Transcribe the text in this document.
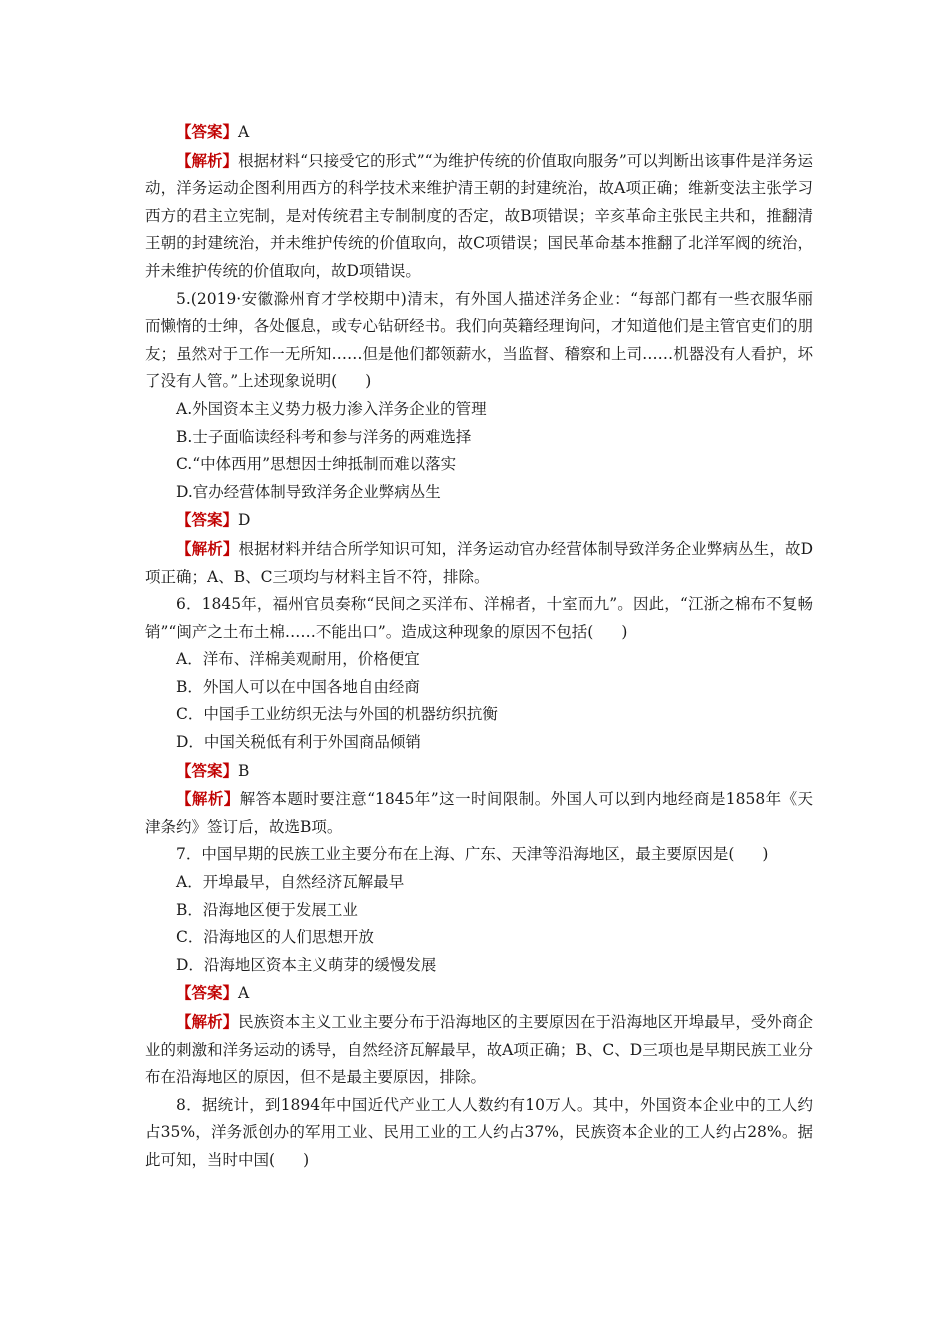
【答案】A

【解析】根据材料“只接受它的形式”“为维护传统的价值取向服务”可以判断出该事件是洋务运动，洋务运动企图利用西方的科学技术来维护清王朝的封建统治，故A项正确；维新变法主张学习西方的君主立宪制，是对传统君主专制制度的否定，故B项错误；辛亥革命主张民主共和，推翻清王朝的封建统治，并未维护传统的价值取向，故C项错误；国民革命基本推翻了北洋军阀的统治，并未维护传统的价值取向，故D项错误。

5.(2019·安徽滁州育才学校期中)清末，有外国人描述洋务企业：“每部门都有一些衣服华丽而懒惰的士绅，各处偃息，或专心钻研经书。我们向英籍经理询问，才知道他们是主管官吏们的朋友；虽然对于工作一无所知……但是他们都领薪水，当监督、稽察和上司……机器没有人看护，坏了没有人管。”上述现象说明( )

A.外国资本主义势力极力渗入洋务企业的管理

B.士子面临读经科考和参与洋务的两难选择

C.“中体西用”思想因士绅抵制而难以落实

D.官办经营体制导致洋务企业弊病丛生

【答案】D

【解析】根据材料并结合所学知识可知，洋务运动官办经营体制导致洋务企业弊病丛生，故D项正确；A、B、C三项均与材料主旨不符，排除。

6．1845年，福州官员奏称“民间之买洋布、洋棉者，十室而九”。因此，“江浙之棉布不复畅销”“闽产之土布土棉……不能出口”。造成这种现象的原因不包括( )

A．洋布、洋棉美观耐用，价格便宜

B．外国人可以在中国各地自由经商

C．中国手工业纺织无法与外国的机器纺织抗衡

D．中国关税低有利于外国商品倾销

【答案】B

【解析】解答本题时要注意“1845年”这一时间限制。外国人可以到内地经商是1858年《天津条约》签订后，故选B项。

7．中国早期的民族工业主要分布在上海、广东、天津等沿海地区，最主要原因是( )

A．开埠最早，自然经济瓦解最早

B．沿海地区便于发展工业

C．沿海地区的人们思想开放

D．沿海地区资本主义萌芽的缓慢发展

【答案】A

【解析】民族资本主义工业主要分布于沿海地区的主要原因在于沿海地区开埠最早，受外商企业的刺激和洋务运动的诱导，自然经济瓦解最早，故A项正确；B、C、D三项也是早期民族工业分布在沿海地区的原因，但不是最主要原因，排除。

8．据统计，到1894年中国近代产业工人人数约有10万人。其中，外国资本企业中的工人约占35%，洋务派创办的军用工业、民用工业的工人约占37%，民族资本企业的工人约占28%。据此可知，当时中国( )
